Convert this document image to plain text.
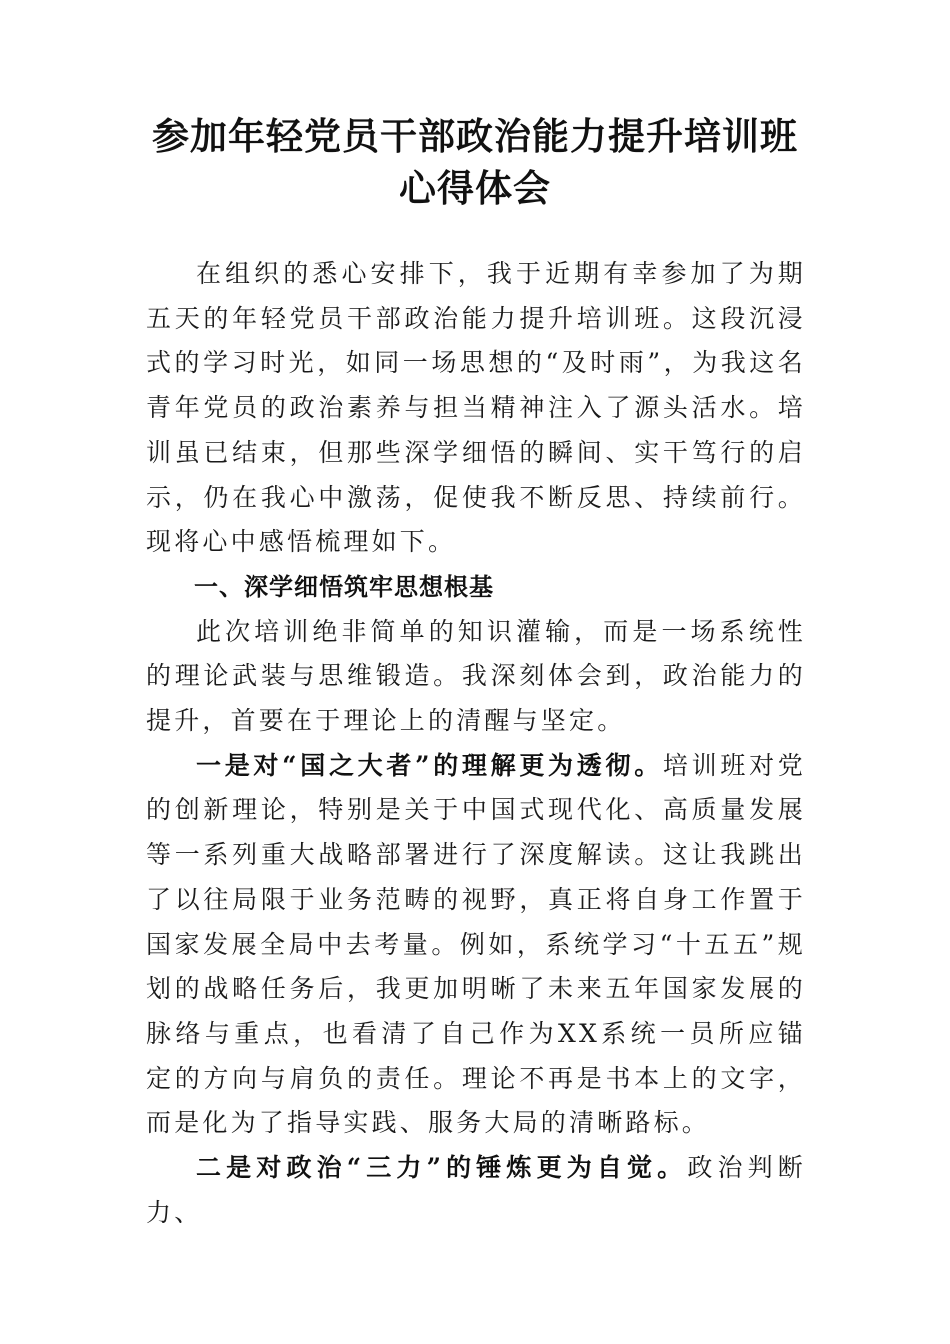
参加年轻党员干部政治能力提升培训班心得体会

在组织的悉心安排下，我于近期有幸参加了为期五天的年轻党员干部政治能力提升培训班。这段沉浸式的学习时光，如同一场思想的“及时雨”，为我这名青年党员的政治素养与担当精神注入了源头活水。培训虽已结束，但那些深学细悟的瞬间、实干笃行的启示，仍在我心中激荡，促使我不断反思、持续前行。现将心中感悟梳理如下。

一、深学细悟筑牢思想根基

此次培训绝非简单的知识灌输，而是一场系统性的理论武装与思维锻造。我深刻体会到，政治能力的提升，首要在于理论上的清醒与坚定。

一是对“国之大者”的理解更为透彻。培训班对党的创新理论，特别是关于中国式现代化、高质量发展等一系列重大战略部署进行了深度解读。这让我跳出了以往局限于业务范畴的视野，真正将自身工作置于国家发展全局中去考量。例如，系统学习“十五五”规划的战略任务后，我更加明晰了未来五年国家发展的脉络与重点，也看清了自己作为XX系统一员所应锚定的方向与肩负的责任。理论不再是书本上的文字，而是化为了指导实践、服务大局的清晰路标。

二是对政治“三力”的锤炼更为自觉。政治判断力、
